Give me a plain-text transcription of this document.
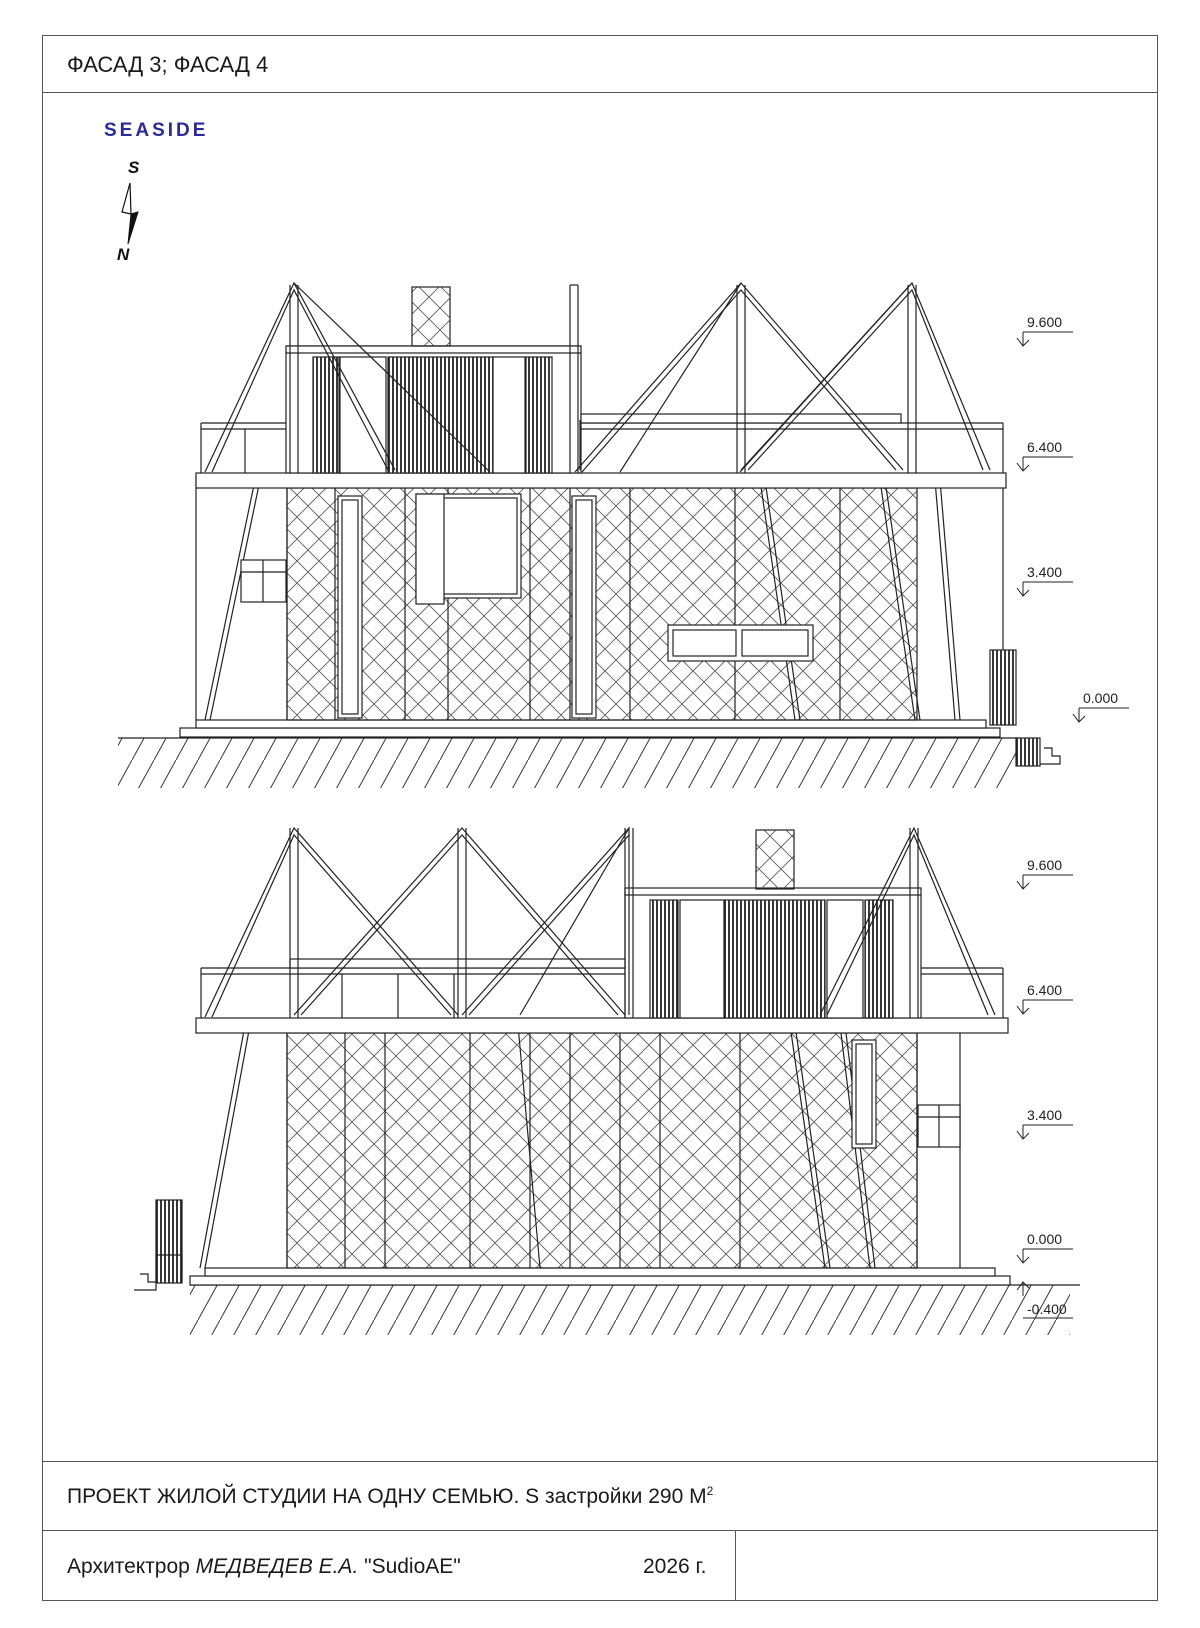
ФАСАД 3; ФАСАД 4
ПРОЕКТ ЖИЛОЙ СТУДИИ НА ОДНУ СЕМЬЮ. S застройки 290 $М^2$
Архитектрор МЕДВЕДЕВ Е.А. "SudioAE"	2026 г.
SEASIDE
S
N
9.600
6.400
3.400
0.000
9.600
6.400
3.400
0.000
-0.400
